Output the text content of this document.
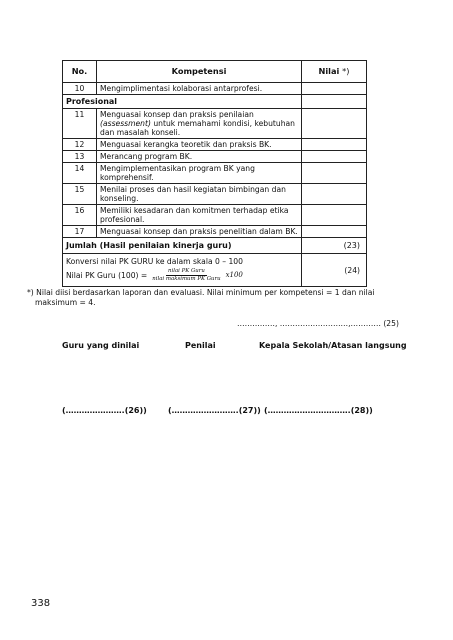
No.	Kompetensi	Nilai *)
10	Mengimplimentasi kolaborasi antarprofesi.	
Profesional		
11	Menguasai konsep dan praksis penilaian
(assessment) untuk memahami kondisi, kebutuhan
dan masalah konseli.	

12	Menguasai kerangka teoretik dan praksis BK.	

13	Merancang program BK.	

14	Mengimplementasikan program BK yang
komprehensif.	

15	Menilai proses dan hasil kegiatan bimbingan dan
konseling.	

16	Memiliki kesadaran dan komitmen terhadap etika
profesional.	

17	Menguasai konsep dan praksis penelitian dalam BK.	

Jumlah (Hasil penilaian kinerja guru)		(23)

Konversi nilai PK GURU ke dalam skala 0 – 100
Nilai PK Guru $(100) = \frac{\text{nilai PK Guru}}{\text{nilai maksimum PK Guru}} x100$		(24)
*) Nilai diisi berdasarkan laporan dan evaluasi. Nilai minimum per kompetensi = 1 dan nilai
maksimum = 4.
……………, ………………………,………… (25)
Guru yang dinilai	Penilai	Kepala Sekolah/Atasan langsung
(………………….(26))	(…………………….(27)) (………………………….(28))
338
